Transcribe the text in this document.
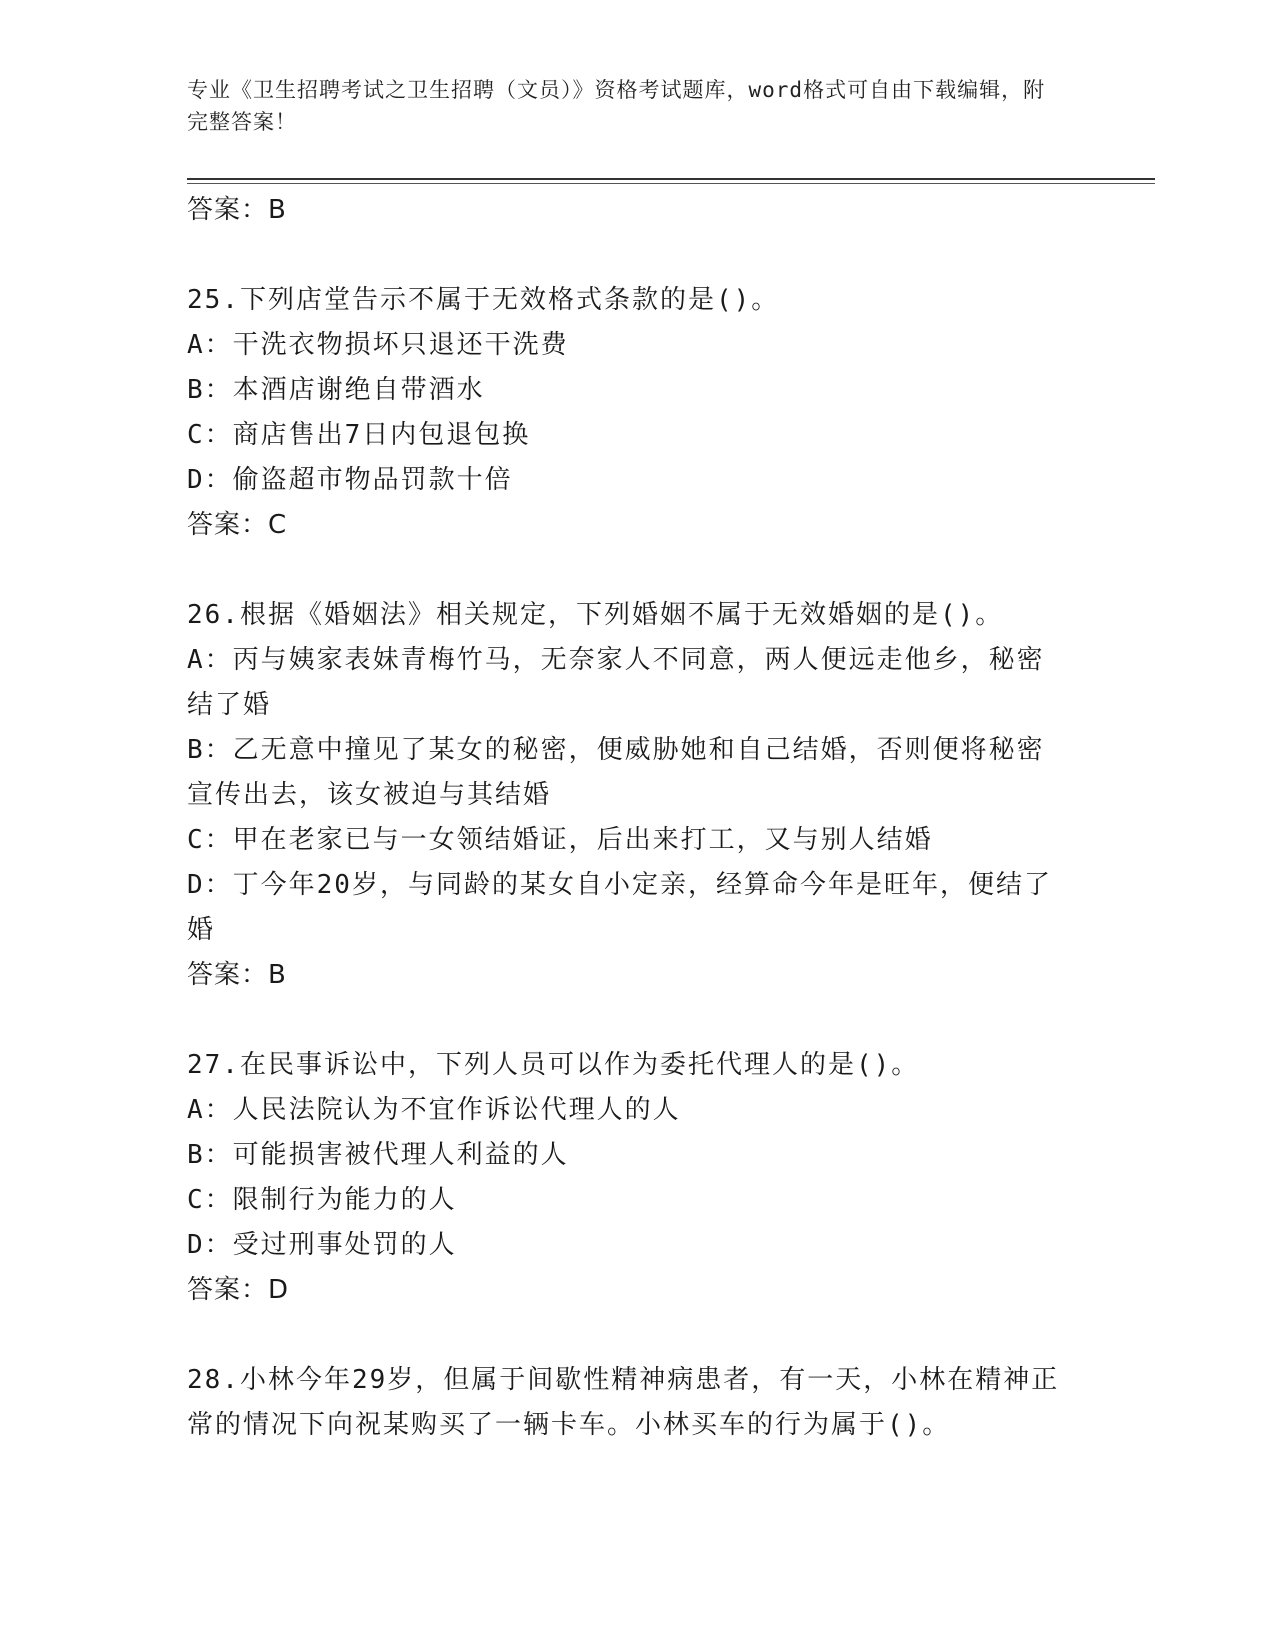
专业《卫生招聘考试之卫生招聘（文员）》资格考试题库，word格式可自由下载编辑，附完整答案！
答案：B
25.下列店堂告示不属于无效格式条款的是()。
A：干洗衣物损坏只退还干洗费
B：本酒店谢绝自带酒水
C：商店售出7日内包退包换
D：偷盗超市物品罚款十倍
答案：C
26.根据《婚姻法》相关规定，下列婚姻不属于无效婚姻的是()。
A：丙与姨家表妹青梅竹马，无奈家人不同意，两人便远走他乡，秘密结了婚
B：乙无意中撞见了某女的秘密，便威胁她和自己结婚，否则便将秘密宣传出去，该女被迫与其结婚
C：甲在老家已与一女领结婚证，后出来打工，又与别人结婚
D：丁今年20岁，与同龄的某女自小定亲，经算命今年是旺年，便结了婚
答案：B
27.在民事诉讼中，下列人员可以作为委托代理人的是()。
A：人民法院认为不宜作诉讼代理人的人
B：可能损害被代理人利益的人
C：限制行为能力的人
D：受过刑事处罚的人
答案：D
28.小林今年29岁，但属于间歇性精神病患者，有一天，小林在精神正常的情况下向祝某购买了一辆卡车。小林买车的行为属于()。
